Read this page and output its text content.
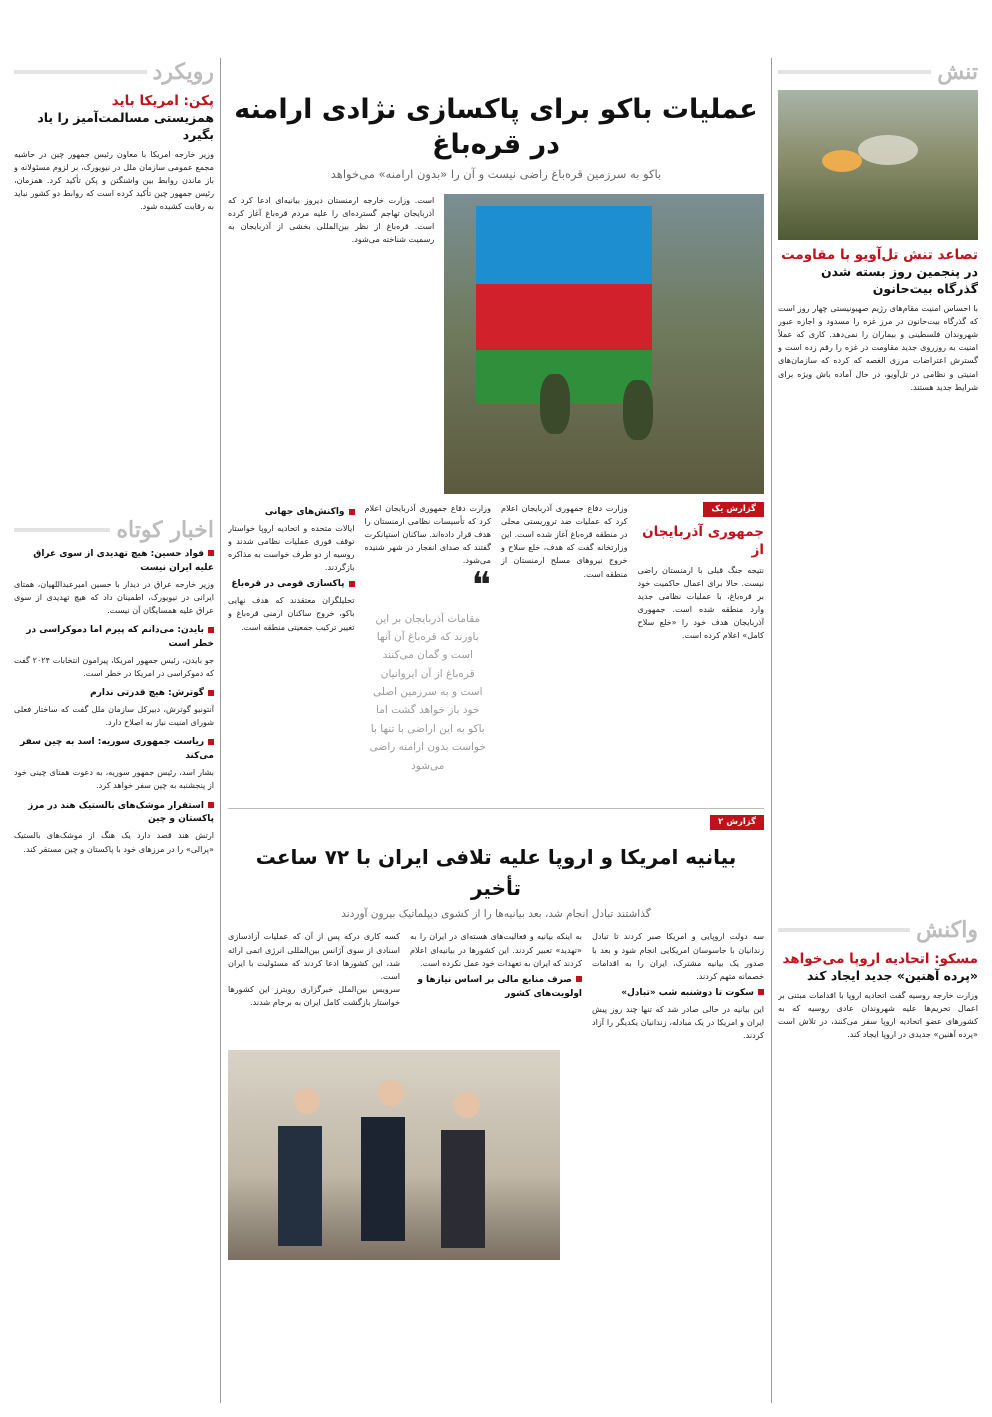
تنش
تصاعد تنش تل‌آویو با مقاومت
در پنجمین روز بسته شدن گذرگاه بیت‌حانون
با احساس امنیت مقام‌های رژیم صهیونیستی چهار روز است که گذرگاه بیت‌حانون در مرز غزه را مسدود و اجازه عبور شهروندان فلسطینی و بیماران را نمی‌دهد. کاری که عملاً امنیت به روز‌‌روی جدید مقاومت در غزه را رقم زده است و گسترش اعتراضات مرزی الغصه که کرده که سازمان‌های امنیتی و نظامی در تل‌آویو، در حال آماده باش ویژه برای شرایط جدید هستند.
واکنش
مسکو: اتحادیه اروپا می‌خواهد
«پرده آهنین» جدید ایجاد کند
وزارت خارجه روسیه گفت اتحادیه اروپا با اقدامات مبتنی بر اعمال تحریم‌ها علیه شهروندان عادی روسیه که به کشورهای عضو اتحادیه اروپا سفر می‌کنند، در تلاش است «پرده آهنین» جدیدی در اروپا ایجاد کند.
رویکرد
پکن: امریکا باید
همزیستی مسالمت‌آمیز را یاد بگیرد
وزیر خارجه امریکا با معاون رئیس جمهور چین در حاشیه مجمع عمومی سازمان ملل در نیویورک، بر لزوم مسئولانه و باز ماندن روابط بین واشنگتن و پکن تأکید کرد. همزمان، رئیس جمهور چین تأکید کرده است که روابط دو کشور نباید به رقابت کشیده شود.
اخبار کوتاه
فواد حسین: هیچ تهدیدی از سوی عراق علیه ایران نیست
وزیر خارجه عراق در دیدار با حسین امیرعبداللهیان، همتای ایرانی در نیویورک، اطمینان داد که هیچ تهدیدی از سوی عراق علیه همسایگان آن نیست.
بایدن: می‌دانم که پیرم اما دموکراسی در خطر است
جو بایدن، رئیس جمهور امریکا، پیرامون انتخابات ۲۰۲۴ گفت که دموکراسی در امریکا در خطر است.
گوترش: هیچ قدرتی ندارم
آنتونیو گوترش، دبیرکل سازمان ملل گفت که ساختار فعلی شورای امنیت نیاز به اصلاح دارد.
ریاست جمهوری سوریه: اسد به چین سفر می‌کند
بشار اسد، رئیس جمهور سوریه، به دعوت همتای چینی خود از پنجشنبه به چین سفر خواهد کرد.
استقرار موشک‌های بالستیک هند در مرز پاکستان و چین
ارتش هند قصد دارد یک هنگ از موشک‌های بالستیک «پرالی» را در مرزهای خود با پاکستان و چین مستقر کند.
عملیات باکو برای پاکسازی نژادی ارامنه در قره‌باغ
باکو به سرزمین قره‌باغ راضی نیست و آن را «بدون ارامنه» می‌خواهد
است. وزارت خارجه ارمنستان دیروز بیانیه‌ای ادعا کرد که آذربایجان تهاجم گسترده‌ای را علیه مردم قره‌باغ آغاز کرده است. قره‌باغ از نظر بین‌المللی بخشی از آذربایجان به رسمیت شناخته می‌شود.
گزارش یک
جمهوری آذربایجان از
نتیجه جنگ قبلی با ارمنستان راضی نیست. حالا برای اعمال حاکمیت خود بر قره‌باغ، با عملیات نظامی جدید وارد منطقه شده است. جمهوری آذربایجان هدف خود را «خلع سلاح کامل» اعلام کرده است.
وزارت دفاع جمهوری آذربایجان اعلام کرد که عملیات ضد تروریستی محلی در منطقه قره‌باغ آغاز شده است. این وزارتخانه گفت که هدف، خلع سلاح و خروج نیروهای مسلح ارمنستان از منطقه است.
وزارت دفاع جمهوری آذربایجان اعلام کرد که تأسیسات نظامی ارمنستان را هدف قرار داده‌اند. ساکنان استپانکرت گفتند که صدای انفجار در شهر شنیده می‌شود.
❝
مقامات آذربایجان بر این باورند که قره‌باغ آن آنها است و گمان می‌کنند قره‌باغ از آن ایروانیان است و به سرزمین اصلی خود باز خواهد گشت اما باکو به این اراضی با تنها با خواست بدون ارامنه راضی می‌شود
واکنش‌های جهانی
ایالات متحده و اتحادیه اروپا خواستار توقف فوری عملیات نظامی شدند و روسیه از دو طرف خواست به مذاکره بازگردند.
پاکسازی قومی در قره‌باغ
تحلیلگران معتقدند که هدف نهایی باکو، خروج ساکنان ارمنی قره‌باغ و تغییر ترکیب جمعیتی منطقه است.
گزارش ۲
بیانیه امریکا و اروپا علیه تلافی ایران با ۷۲ ساعت تأخیر
گذاشتند تبادل انجام شد، بعد بیانیه‌ها را از کشوی دیپلماتیک بیرون آوردند
سه دولت اروپایی و امریکا صبر کردند تا تبادل زندانیان با جاسوسان امریکایی انجام شود و بعد با صدور یک بیانیه مشترک، ایران را به اقدامات خصمانه متهم کردند.
سکوت تا دوشنبه شب «تبادل»
این بیانیه در حالی صادر شد که تنها چند روز پیش ایران و امریکا در یک مبادله، زندانیان یکدیگر را آزاد کردند.
به اینکه بیانیه و فعالیت‌های هسته‌ای در ایران را به «تهدید» تعبیر کردند. این کشورها در بیانیه‌ای اعلام کردند که ایران به تعهدات خود عمل نکرده است.
صرف منابع مالی بر اساس نیازها و اولویت‌های کشور
کسه کاری درکه پس از آن که عملیات آزادسازی اسنادی از سوی آژانس بین‌المللی انرژی اتمی ارائه شد، این کشورها ادعا کردند که مسئولیت با ایران است.
سرویس بین‌الملل خبرگزاری رویترز این کشورها خواستار بازگشت کامل ایران به برجام شدند.
